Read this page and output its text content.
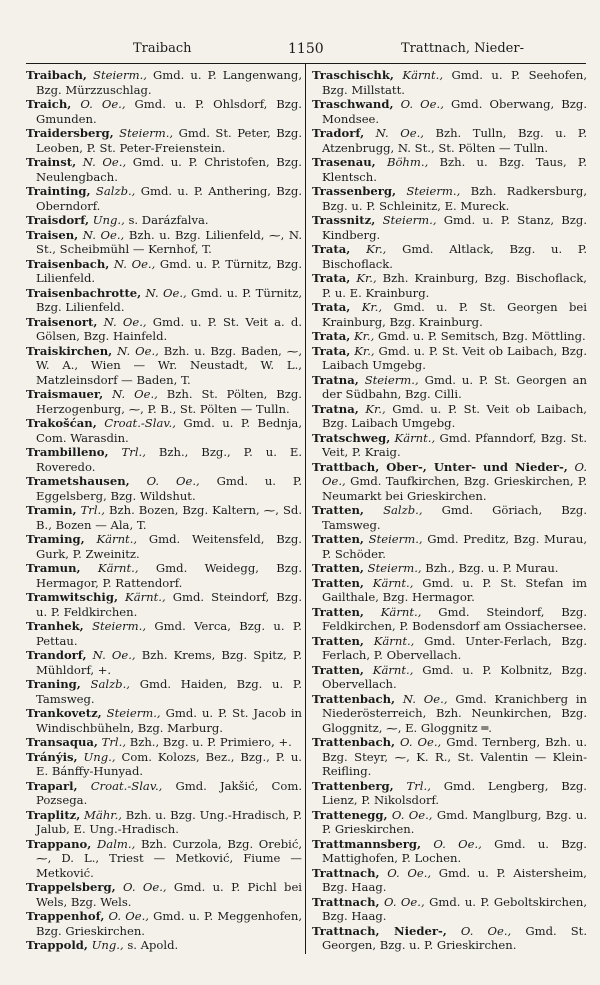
Traibach	1150	Trattnach, Nieder-

Traibach, Steierm., Gmd. u. P. Langenwang, Bzg. Mürzzuschlag.

Traich, O. Oe., Gmd. u. P. Ohlsdorf, Bzg. Gmunden.

Traidersberg, Steierm., Gmd. St. Peter, Bzg. Leoben, P. St. Peter-Freienstein.

Trainst, N. Oe., Gmd. u. P. Christofen, Bzg. Neulengbach.

Trainting, Salzb., Gmd. u. P. Anthering, Bzg. Oberndorf.

Traisdorf, Ung., s. Darázfalva.

Traisen, N. Oe., Bzh. u. Bzg. Lilienfeld, ⁓, N. St., Scheibmühl — Kernhof, T.

Traisenbach, N. Oe., Gmd. u. P. Türnitz, Bzg. Lilienfeld.

Traisenbachrotte, N. Oe., Gmd. u. P. Türnitz, Bzg. Lilienfeld.

Traisenort, N. Oe., Gmd. u. P. St. Veit a. d. Gölsen, Bzg. Hainfeld.

Traiskirchen, N. Oe., Bzh. u. Bzg. Baden, ⁓, W. A., Wien — Wr. Neustadt, W. L., Matzleinsdorf — Baden, T.

Traismauer, N. Oe., Bzh. St. Pölten, Bzg. Herzogenburg, ⁓, P. B., St. Pölten — Tulln.

Trakošćan, Croat.-Slav., Gmd. u. P. Bednja, Com. Warasdin.

Trambilleno, Trl., Bzh., Bzg., P. u. E. Roveredo.

Trametshausen, O. Oe., Gmd. u. P. Eggelsberg, Bzg. Wildshut.

Tramin, Trl., Bzh. Bozen, Bzg. Kaltern, ⁓, Sd. B., Bozen — Ala, T.

Traming, Kärnt., Gmd. Weitensfeld, Bzg. Gurk, P. Zweinitz.

Tramun, Kärnt., Gmd. Weidegg, Bzg. Hermagor, P. Rattendorf.

Tramwitschig, Kärnt., Gmd. Steindorf, Bzg. u. P. Feldkirchen.

Tranhek, Steierm., Gmd. Verca, Bzg. u. P. Pettau.

Trandorf, N. Oe., Bzh. Krems, Bzg. Spitz, P. Mühldorf, +.

Traning, Salzb., Gmd. Haiden, Bzg. u. P. Tamsweg.

Trankovetz, Steierm., Gmd. u. P. St. Jacob in Windischbüheln, Bzg. Marburg.

Transaqua, Trl., Bzh., Bzg. u. P. Primiero, +.

Tránýis, Ung., Com. Kolozs, Bez., Bzg., P. u. E. Bánffy-Hunyad.

Traparl, Croat.-Slav., Gmd. Jakšić, Com. Pozsega.

Traplitz, Mähr., Bzh. u. Bzg. Ung.-Hradisch, P. Jalub, E. Ung.-Hradisch.

Trappano, Dalm., Bzh. Curzola, Bzg. Orebić, ⁓, D. L., Triest — Metković, Fiume — Metković.

Trappelsberg, O. Oe., Gmd. u. P. Pichl bei Wels, Bzg. Wels.

Trappenhof, O. Oe., Gmd. u. P. Meggenhofen, Bzg. Grieskirchen.

Trappold, Ung., s. Apold.

Traschischk, Kärnt., Gmd. u. P. Seehofen, Bzg. Millstatt.

Traschwand, O. Oe., Gmd. Oberwang, Bzg. Mondsee.

Tradorf, N. Oe., Bzh. Tulln, Bzg. u. P. Atzenbrugg, N. St., St. Pölten — Tulln.

Trasenau, Böhm., Bzh. u. Bzg. Taus, P. Klentsch.

Trassenberg, Steierm., Bzh. Radkersburg, Bzg. u. P. Schleinitz, E. Mureck.

Trassnitz, Steierm., Gmd. u. P. Stanz, Bzg. Kindberg.

Trata, Kr., Gmd. Altlack, Bzg. u. P. Bischoflack.

Trata, Kr., Bzh. Krainburg, Bzg. Bischoflack, P. u. E. Krainburg.

Trata, Kr., Gmd. u. P. St. Georgen bei Krainburg, Bzg. Krainburg.

Trata, Kr., Gmd. u. P. Semitsch, Bzg. Möttling.

Trata, Kr., Gmd. u. P. St. Veit ob Laibach, Bzg. Laibach Umgebg.

Tratna, Steierm., Gmd. u. P. St. Georgen an der Südbahn, Bzg. Cilli.

Tratna, Kr., Gmd. u. P. St. Veit ob Laibach, Bzg. Laibach Umgebg.

Tratschweg, Kärnt., Gmd. Pfanndorf, Bzg. St. Veit, P. Kraig.

Trattbach, Ober-, Unter- und Nieder-, O. Oe., Gmd. Taufkirchen, Bzg. Grieskirchen, P. Neumarkt bei Grieskirchen.

Tratten, Salzb., Gmd. Göriach, Bzg. Tamsweg.

Tratten, Steierm., Gmd. Preditz, Bzg. Murau, P. Schöder.

Tratten, Steierm., Bzh., Bzg. u. P. Murau.

Tratten, Kärnt., Gmd. u. P. St. Stefan im Gailthale, Bzg. Hermagor.

Tratten, Kärnt., Gmd. Steindorf, Bzg. Feldkirchen, P. Bodensdorf am Ossiachersee.

Tratten, Kärnt., Gmd. Unter-Ferlach, Bzg. Ferlach, P. Obervellach.

Tratten, Kärnt., Gmd. u. P. Kolbnitz, Bzg. Obervellach.

Trattenbach, N. Oe., Gmd. Kranichberg in Niederösterreich, Bzh. Neunkirchen, Bzg. Gloggnitz, ⁓, E. Gloggnitz ═.

Trattenbach, O. Oe., Gmd. Ternberg, Bzh. u. Bzg. Steyr, ⁓, K. R., St. Valentin — Klein-Reifling.

Trattenberg, Trl., Gmd. Lengberg, Bzg. Lienz, P. Nikolsdorf.

Trattenegg, O. Oe., Gmd. Manglburg, Bzg. u. P. Grieskirchen.

Trattmannsberg, O. Oe., Gmd. u. Bzg. Mattighofen, P. Lochen.

Trattnach, O. Oe., Gmd. u. P. Aistersheim, Bzg. Haag.

Trattnach, O. Oe., Gmd. u. P. Geboltskirchen, Bzg. Haag.

Trattnach, Nieder-, O. Oe., Gmd. St. Georgen, Bzg. u. P. Grieskirchen.
